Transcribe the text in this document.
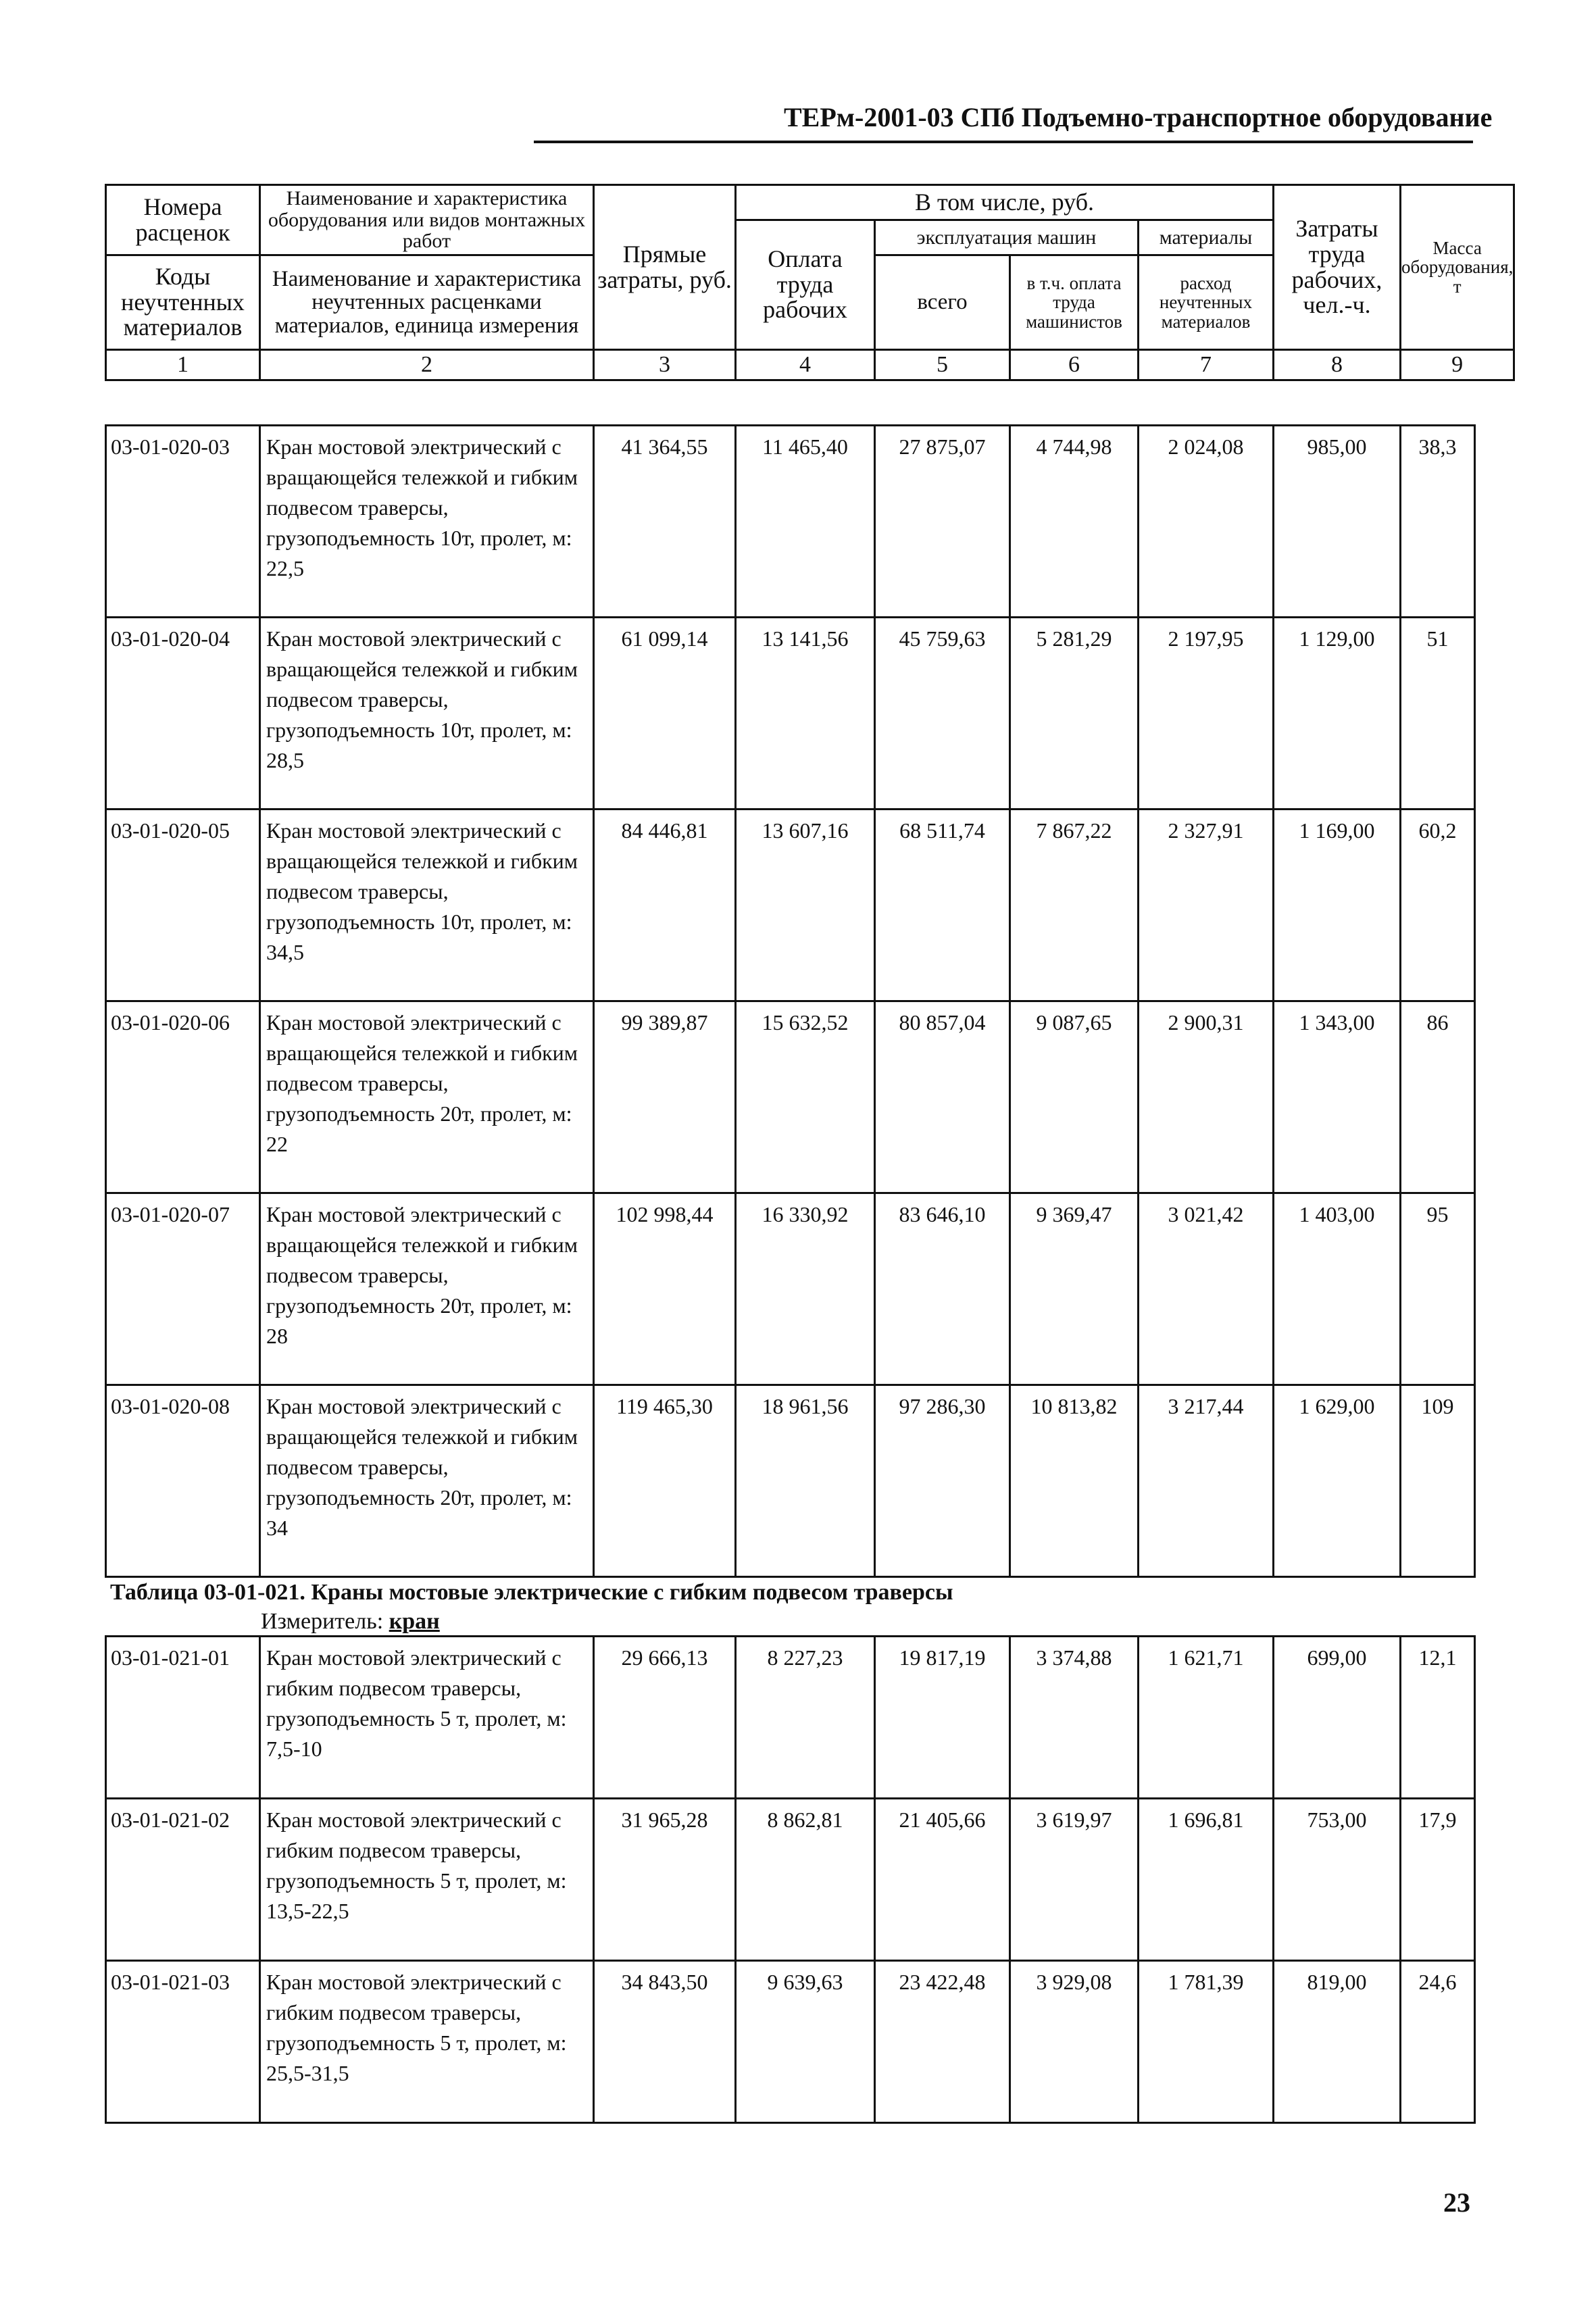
ТЕРм-2001-03 СПб Подъемно-транспортное оборудование
Номера расценок	Наименование и характеристика оборудования или видов монтажных работ	Прямые затраты, руб.	В том числе, руб.				Затраты труда рабочих, чел.-ч.	Масса оборудования, т
			Оплата труда рабочих	эксплуатация машин		материалы		
Коды неучтенных материалов	Наименование и характеристика неучтенных расценками материалов, единица измерения			всего	в т.ч. оплата труда машинистов	расход неучтенных материалов		

1	2	3	4	5	6	7	8	9
03-01-020-03	Кран мостовой электрический с вращающейся тележкой и гибким подвесом траверсы, грузоподъемность 10т, пролет, м: 22,5	41 364,55	11 465,40	27 875,07	4 744,98	2 024,08	985,00	38,3
03-01-020-04	Кран мостовой электрический с вращающейся тележкой и гибким подвесом траверсы, грузоподъемность 10т, пролет, м: 28,5	61 099,14	13 141,56	45 759,63	5 281,29	2 197,95	1 129,00	51
03-01-020-05	Кран мостовой электрический с вращающейся тележкой и гибким подвесом траверсы, грузоподъемность 10т, пролет, м: 34,5	84 446,81	13 607,16	68 511,74	7 867,22	2 327,91	1 169,00	60,2
03-01-020-06	Кран мостовой электрический с вращающейся тележкой и гибким подвесом траверсы, грузоподъемность 20т, пролет, м: 22	99 389,87	15 632,52	80 857,04	9 087,65	2 900,31	1 343,00	86
03-01-020-07	Кран мостовой электрический с вращающейся тележкой и гибким подвесом траверсы, грузоподъемность 20т, пролет, м: 28	102 998,44	16 330,92	83 646,10	9 369,47	3 021,42	1 403,00	95
03-01-020-08	Кран мостовой электрический с вращающейся тележкой и гибким подвесом траверсы, грузоподъемность 20т, пролет, м: 34	119 465,30	18 961,56	97 286,30	10 813,82	3 217,44	1 629,00	109
Таблица 03-01-021. Краны мостовые электрические с гибким подвесом траверсы
Измеритель: кран
03-01-021-01	Кран мостовой электрический с гибким подвесом траверсы, грузоподъемность 5 т, пролет, м: 7,5-10	29 666,13	8 227,23	19 817,19	3 374,88	1 621,71	699,00	12,1
03-01-021-02	Кран мостовой электрический с гибким подвесом траверсы, грузоподъемность 5 т, пролет, м: 13,5-22,5	31 965,28	8 862,81	21 405,66	3 619,97	1 696,81	753,00	17,9
03-01-021-03	Кран мостовой электрический с гибким подвесом траверсы, грузоподъемность 5 т, пролет, м: 25,5-31,5	34 843,50	9 639,63	23 422,48	3 929,08	1 781,39	819,00	24,6
23
